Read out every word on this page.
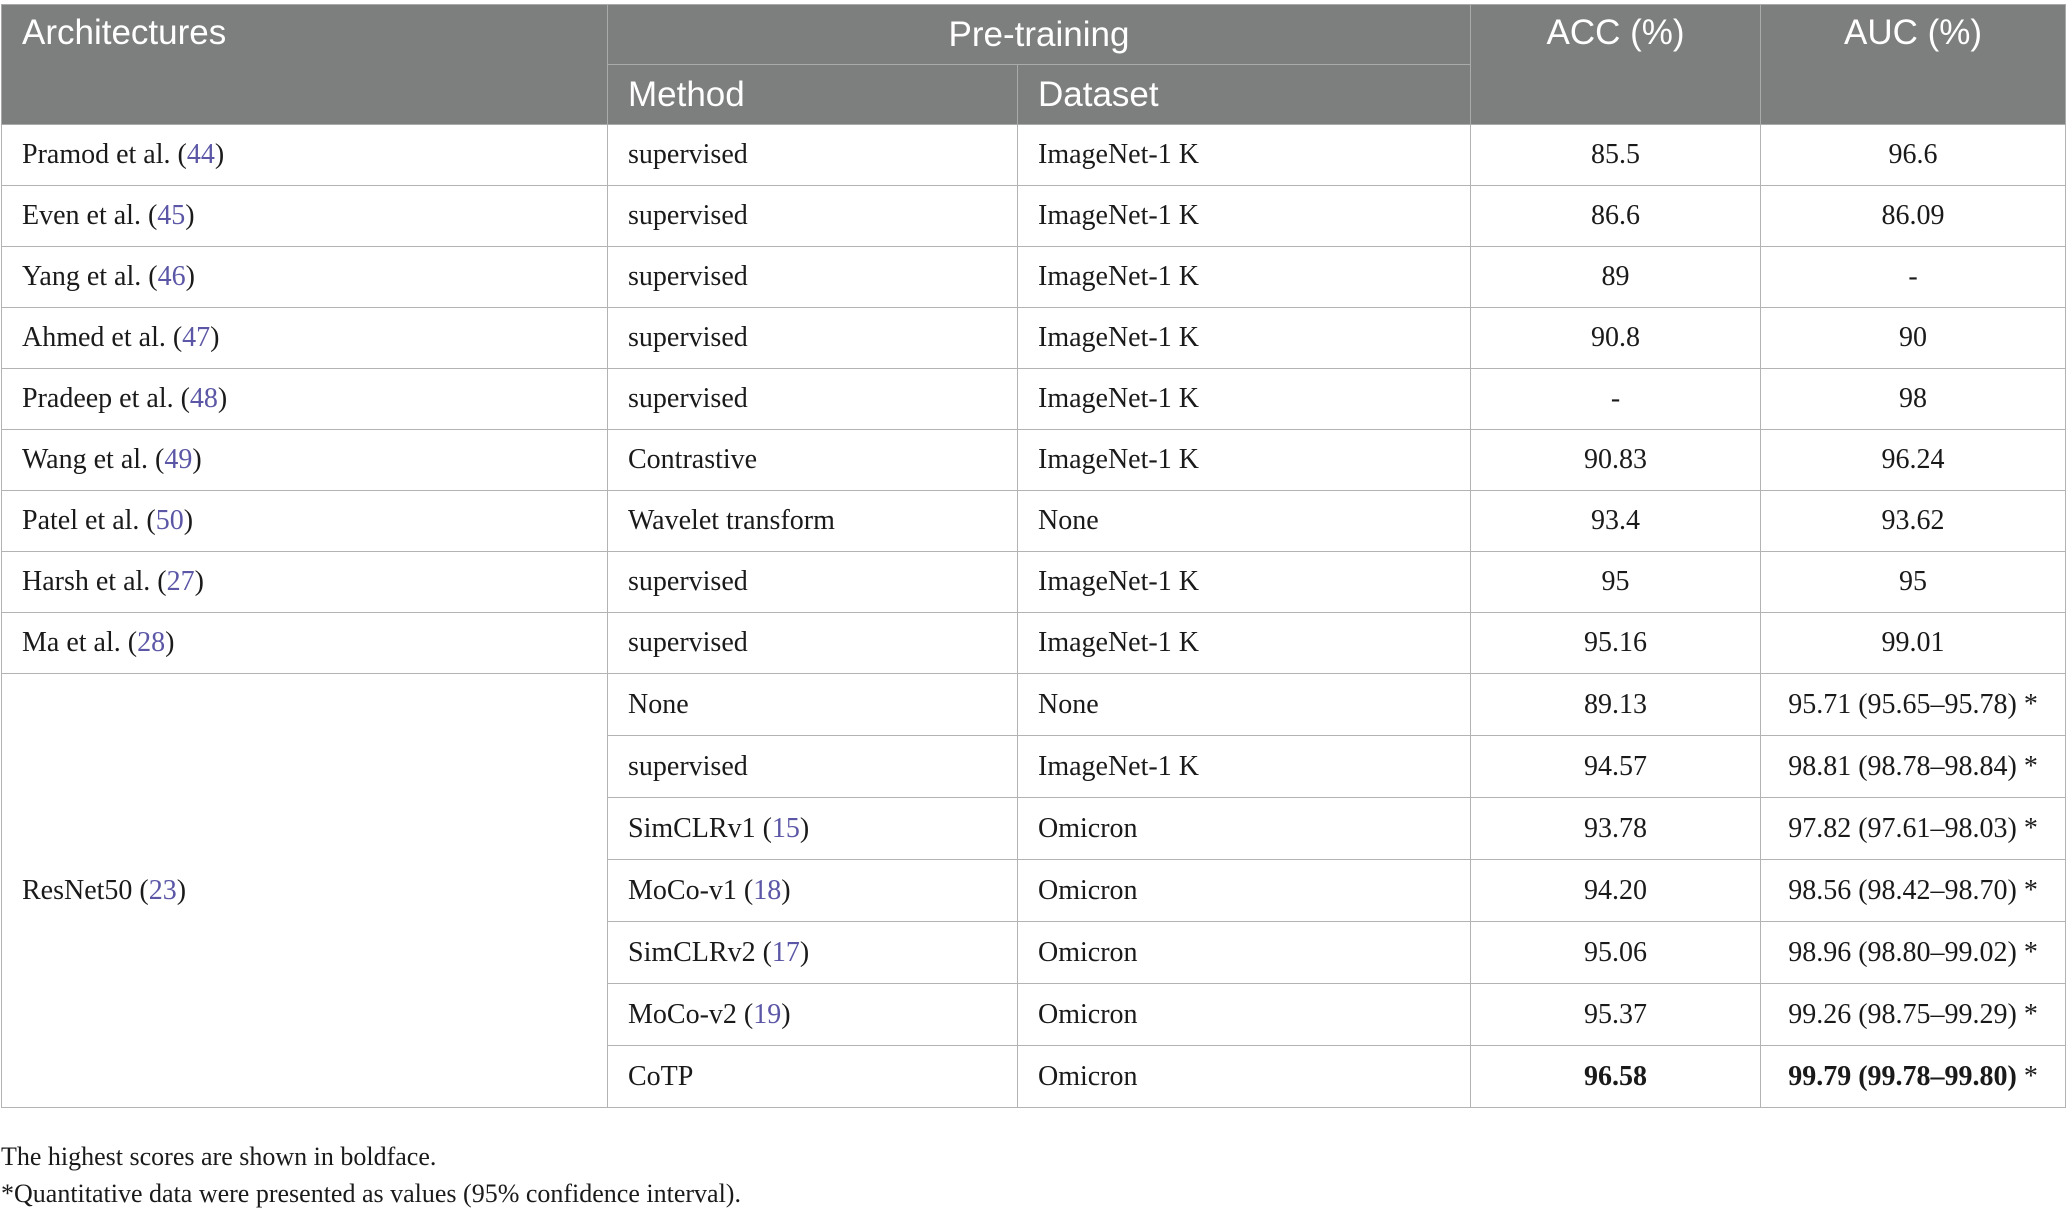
Architectures	Pre-training		ACC (%)	AUC (%)
	Method	Dataset		
Pramod et al. (44)	supervised	ImageNet-1 K	85.5	96.6
Even et al. (45)	supervised	ImageNet-1 K	86.6	86.09
Yang et al. (46)	supervised	ImageNet-1 K	89	-
Ahmed et al. (47)	supervised	ImageNet-1 K	90.8	90
Pradeep et al. (48)	supervised	ImageNet-1 K	-	98
Wang et al. (49)	Contrastive	ImageNet-1 K	90.83	96.24
Patel et al. (50)	Wavelet transform	None	93.4	93.62
Harsh et al. (27)	supervised	ImageNet-1 K	95	95
Ma et al. (28)	supervised	ImageNet-1 K	95.16	99.01
ResNet50 (23)	None	None	89.13	95.71 (95.65–95.78) *
	supervised	ImageNet-1 K	94.57	98.81 (98.78–98.84) *
	SimCLRv1 (15)	Omicron	93.78	97.82 (97.61–98.03) *
	MoCo-v1 (18)	Omicron	94.20	98.56 (98.42–98.70) *
	SimCLRv2 (17)	Omicron	95.06	98.96 (98.80–99.02) *
	MoCo-v2 (19)	Omicron	95.37	99.26 (98.75–99.29) *
	CoTP	Omicron	96.58	99.79 (99.78–99.80) *

The highest scores are shown in boldface.

*Quantitative data were presented as values (95% confidence interval).
